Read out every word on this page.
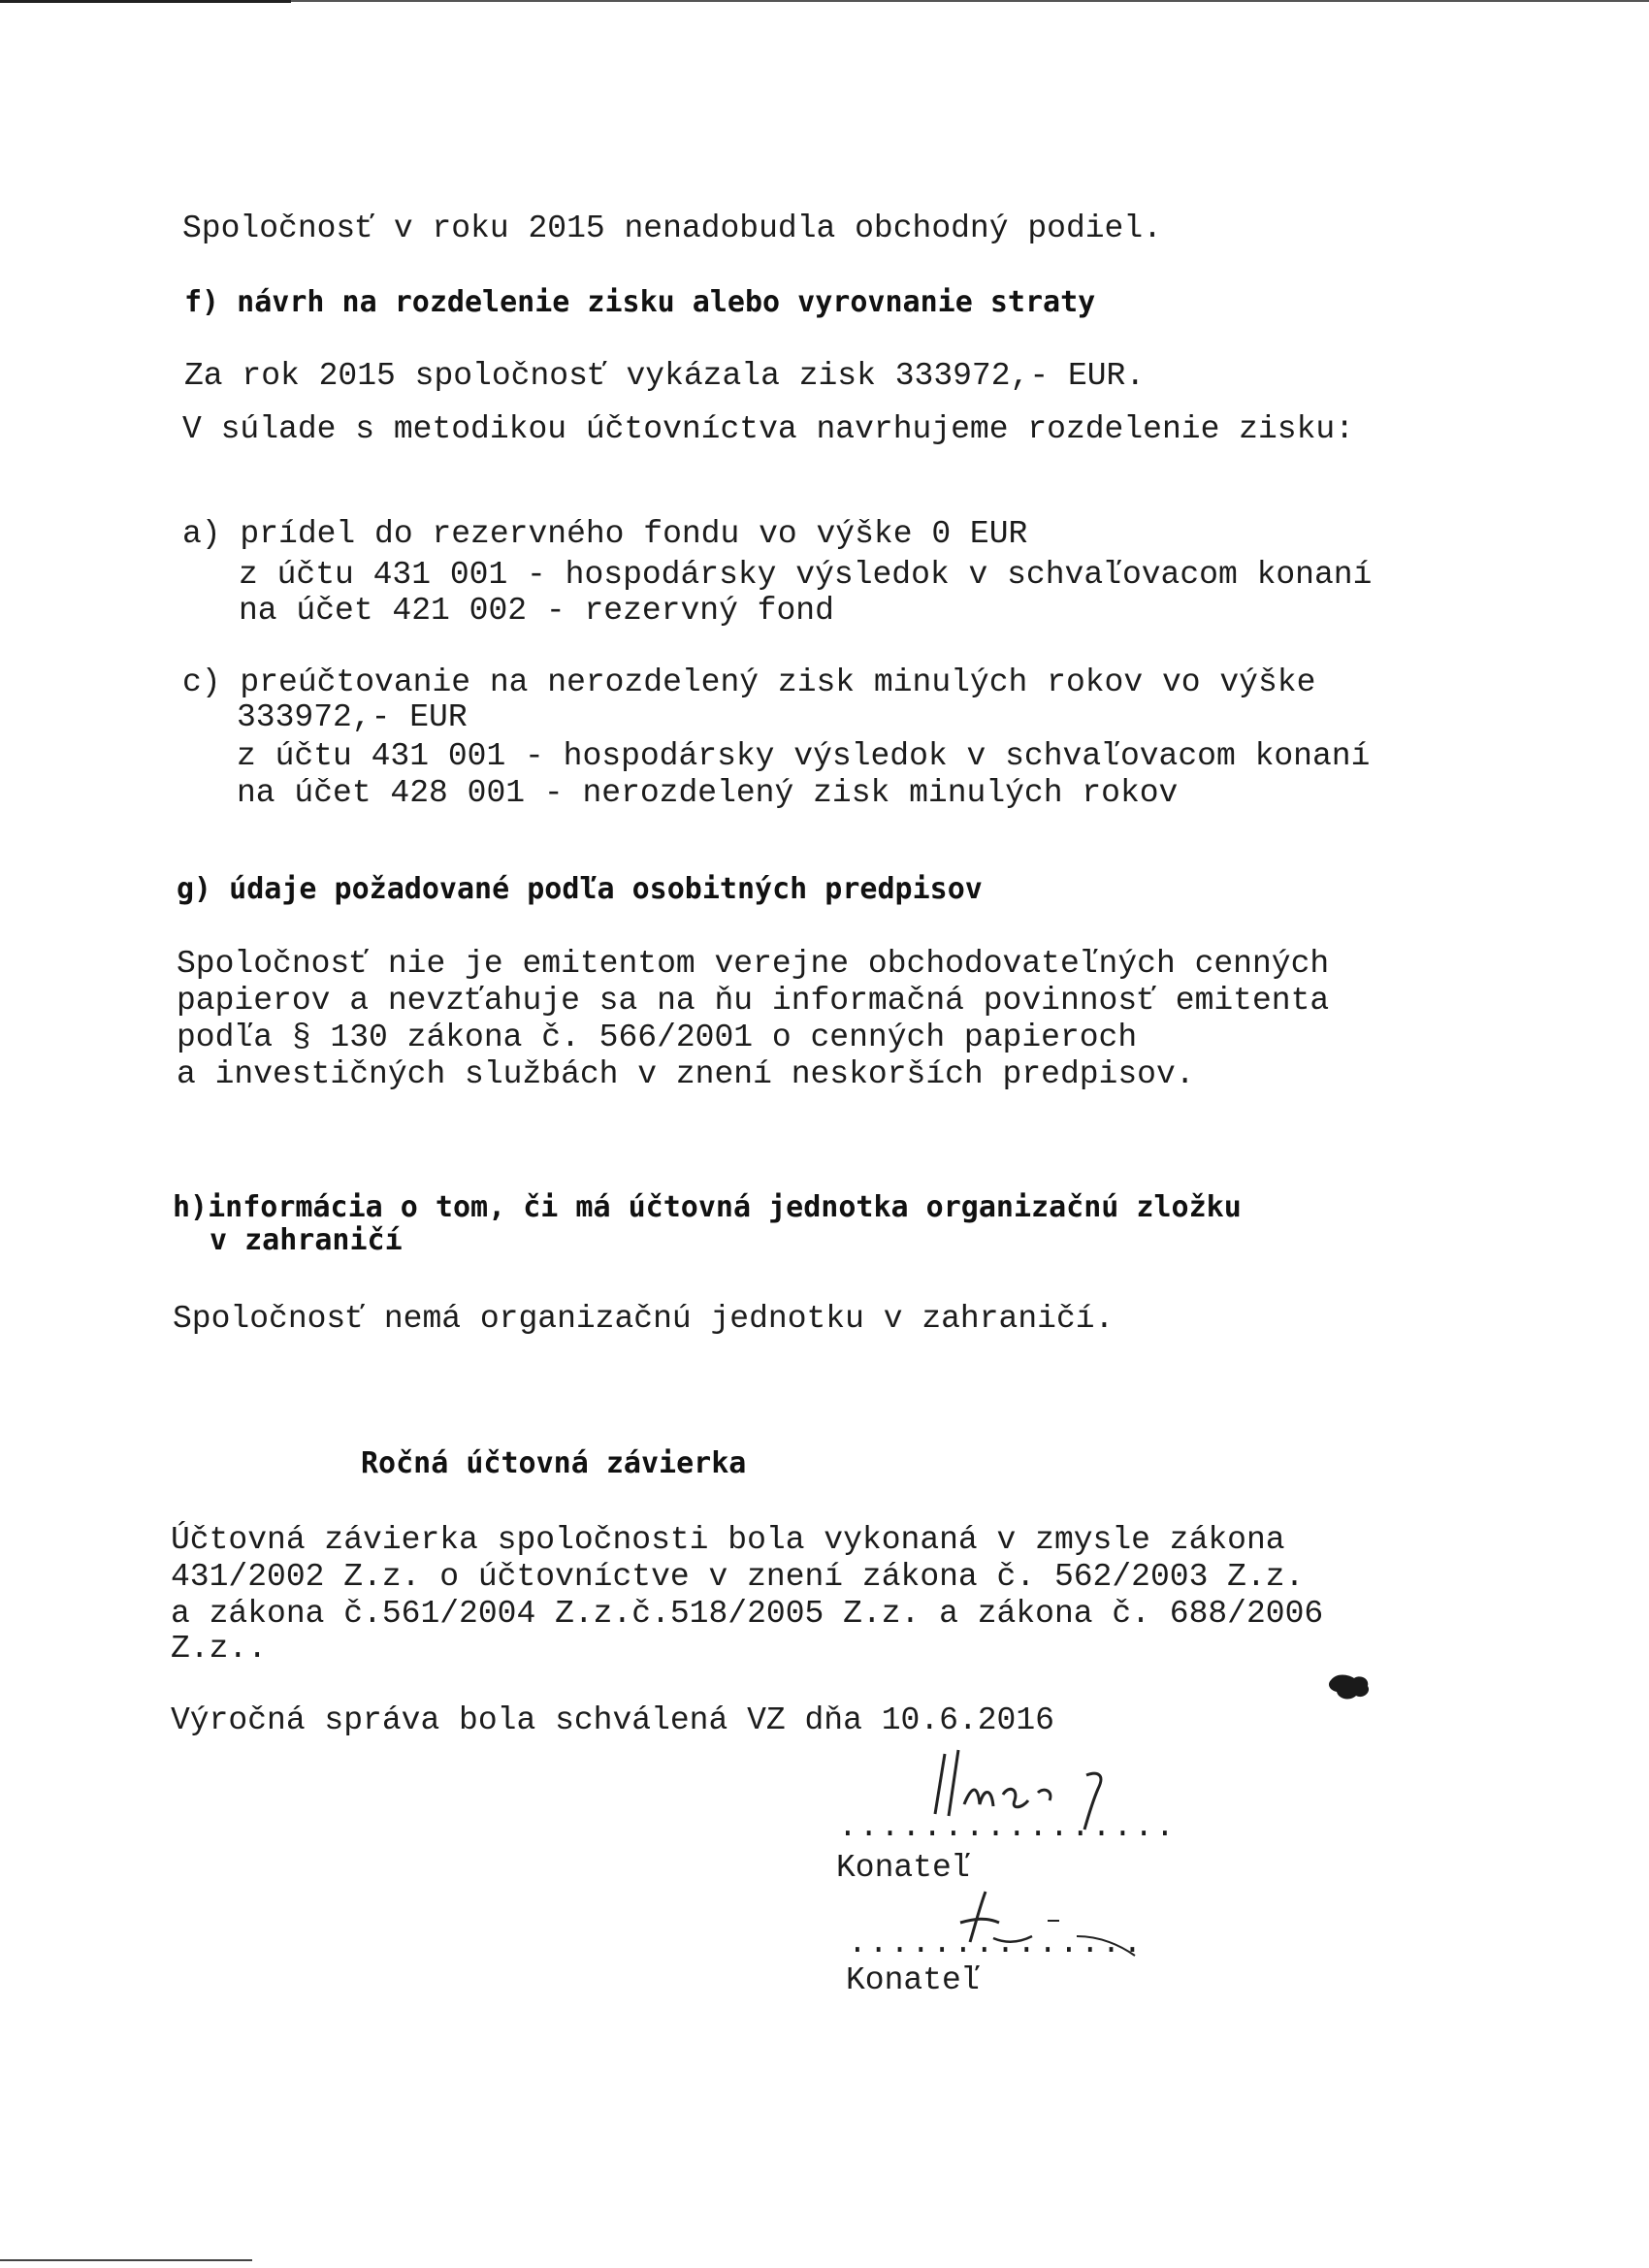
Spoločnosť v roku 2015 nenadobudla obchodný podiel.
f) návrh na rozdelenie zisku alebo vyrovnanie straty
Za rok 2015 spoločnosť vykázala zisk 333972,- EUR.
V súlade s metodikou účtovníctva navrhujeme rozdelenie zisku:
a) prídel do rezervného fondu vo výške 0 EUR
z účtu 431 001 - hospodársky výsledok v schvaľovacom konaní
na účet 421 002 - rezervný fond
c) preúčtovanie na nerozdelený zisk minulých rokov vo výške
333972,- EUR
z účtu 431 001 - hospodársky výsledok v schvaľovacom konaní
na účet 428 001 - nerozdelený zisk minulých rokov
g) údaje požadované podľa osobitných predpisov
Spoločnosť nie je emitentom verejne obchodovateľných cenných
papierov a nevzťahuje sa na ňu informačná povinnosť emitenta
podľa § 130 zákona č. 566/2001 o cenných papieroch
a investičných službách v znení neskorších predpisov.
h)informácia o tom, či má účtovná jednotka organizačnú zložku
v zahraničí
Spoločnosť nemá organizačnú jednotku v zahraničí.
Ročná účtovná závierka
Účtovná závierka spoločnosti bola vykonaná v zmysle zákona
431/2002 Z.z. o účtovníctve v znení zákona č. 562/2003 Z.z.
a zákona č.561/2004 Z.z.č.518/2005 Z.z. a zákona č. 688/2006
Z.z..
Výročná správa bola schválená VZ dňa 10.6.2016
................
Konateľ
..............
Konateľ
